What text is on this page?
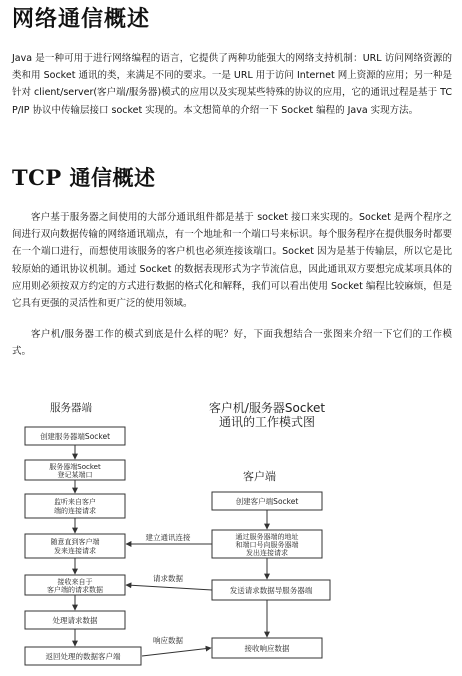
网络通信概述

Java 是一种可用于进行网络编程的语言，它提供了两种功能强大的网络支持机制：URL 访问网络资源的类和用 Socket 通讯的类，来满足不同的要求。一是 URL 用于访问 Internet 网上资源的应用；另一种是针对 client/server(客户端/服务器)模式的应用以及实现某些特殊的协议的应用，它的通讯过程是基于 TCP/IP 协议中传输层接口 socket 实现的。本文想简单的介绍一下 Socket 编程的 Java 实现方法。

TCP 通信概述

客户基于服务器之间使用的大部分通讯组件都是基于 socket 接口来实现的。Socket 是两个程序之间进行双向数据传输的网络通讯端点，有一个地址和一个端口号来标识。每个服务程序在提供服务时都要在一个端口进行，而想使用该服务的客户机也必须连接该端口。Socket 因为是基于传输层，所以它是比较原始的通讯协议机制。通过 Socket 的数据表现形式为字节流信息，因此通讯双方要想完成某项具体的应用则必须按双方约定的方式进行数据的格式化和解释，我们可以看出使用 Socket 编程比较麻烦，但是它具有更强的灵活性和更广泛的使用领域。

客户机/服务器工作的模式到底是什么样的呢？好，下面我想结合一张图来介绍一下它们的工作模式。

服务器端	客户机/服务器Socket
通讯的工作模式图
客户端
创建服务器端Socket
服务器端Socket
登记某端口
监听来自客户
端的连接请求
随意直到客户端
发来连接请求
接收来自于
客户端的请求数据
处理请求数据
返回处理的数据客户端
创建客户端Socket
通过服务器端的地址
和端口号向服务器端
发出连接请求
发送请求数据导服务器端
接收响应数据
建立通讯连接
请求数据
响应数据
